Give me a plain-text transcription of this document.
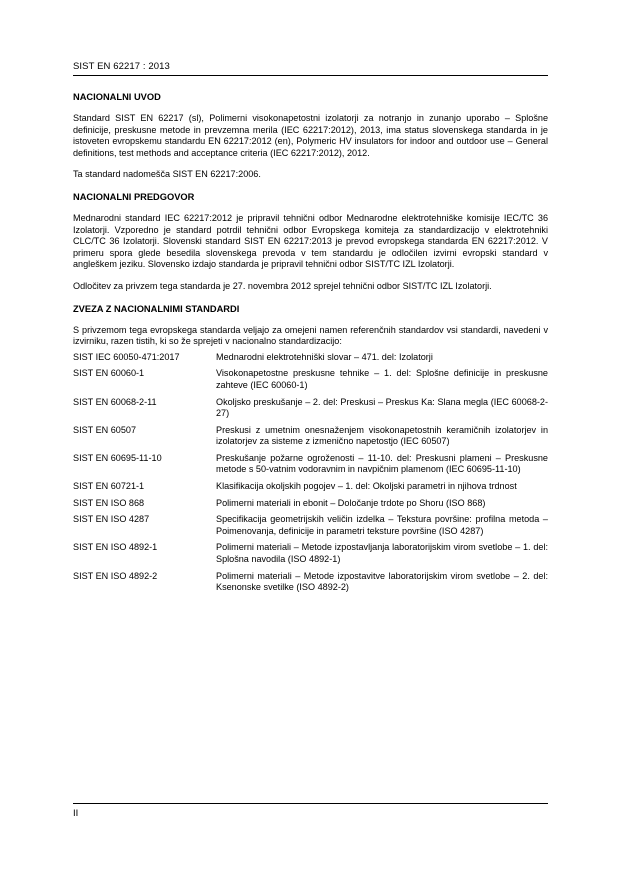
SIST EN 62217 : 2013
NACIONALNI UVOD

Standard SIST EN 62217 (sl), Polimerni visokonapetostni izolatorji za notranjo in zunanjo uporabo – Splošne definicije, preskusne metode in prevzemna merila (IEC 62217:2012), 2013, ima status slovenskega standarda in je istoveten evropskemu standardu EN 62217:2012 (en), Polymeric HV insulators for indoor and outdoor use – General definitions, test methods and acceptance criteria (IEC 62217:2012), 2012.

Ta standard nadomešča SIST EN 62217:2006.

NACIONALNI PREDGOVOR

Mednarodni standard IEC 62217:2012 je pripravil tehnični odbor Mednarodne elektrotehniške komisije IEC/TC 36 Izolatorji. Vzporedno je standard potrdil tehnični odbor Evropskega komiteja za standardizacijo v elektrotehniki CLC/TC 36 Izolatorji. Slovenski standard SIST EN 62217:2013 je prevod evropskega standarda EN 62217:2012. V primeru spora glede besedila slovenskega prevoda v tem standardu je odločilen izvirni evropski standard v angleškem jeziku. Slovensko izdajo standarda je pripravil tehnični odbor SIST/TC IZL Izolatorji.

Odločitev za privzem tega standarda je 27. novembra 2012 sprejel tehnični odbor SIST/TC IZL Izolatorji.

ZVEZA Z NACIONALNIMI STANDARDI

S privzemom tega evropskega standarda veljajo za omejeni namen referenčnih standardov vsi standardi, navedeni v izvirniku, razen tistih, ki so že sprejeti v nacionalno standardizacijo:

SIST IEC 60050-471:2017	Mednarodni elektrotehniški slovar – 471. del: Izolatorji
SIST EN 60060-1	Visokonapetostne preskusne tehnike – 1. del: Splošne definicije in preskusne zahteve (IEC 60060-1)
SIST EN 60068-2-11	Okoljsko preskušanje – 2. del: Preskusi – Preskus Ka: Slana megla (IEC 60068-2-27)
SIST EN 60507	Preskusi z umetnim onesnaženjem visokonapetostnih keramičnih izolatorjev in izolatorjev za sisteme z izmenično napetostjo (IEC 60507)
SIST EN 60695-11-10	Preskušanje požarne ogroženosti – 11-10. del: Preskusni plameni – Preskusne metode s 50-vatnim vodoravnim in navpičnim plamenom (IEC 60695-11-10)
SIST EN 60721-1	Klasifikacija okoljskih pogojev – 1. del: Okoljski parametri in njihova trdnost
SIST EN ISO 868	Polimerni materiali in ebonit – Določanje trdote po Shoru (ISO 868)
SIST EN ISO 4287	Specifikacija geometrijskih veličin izdelka – Tekstura površine: profilna metoda – Poimenovanja, definicije in parametri teksture površine (ISO 4287)
SIST EN ISO 4892-1	Polimerni materiali – Metode izpostavljanja laboratorijskim virom svetlobe – 1. del: Splošna navodila (ISO 4892-1)
SIST EN ISO 4892-2	Polimerni materiali – Metode izpostavitve laboratorijskim virom svetlobe – 2. del: Ksenonske svetilke (ISO 4892-2)
II
